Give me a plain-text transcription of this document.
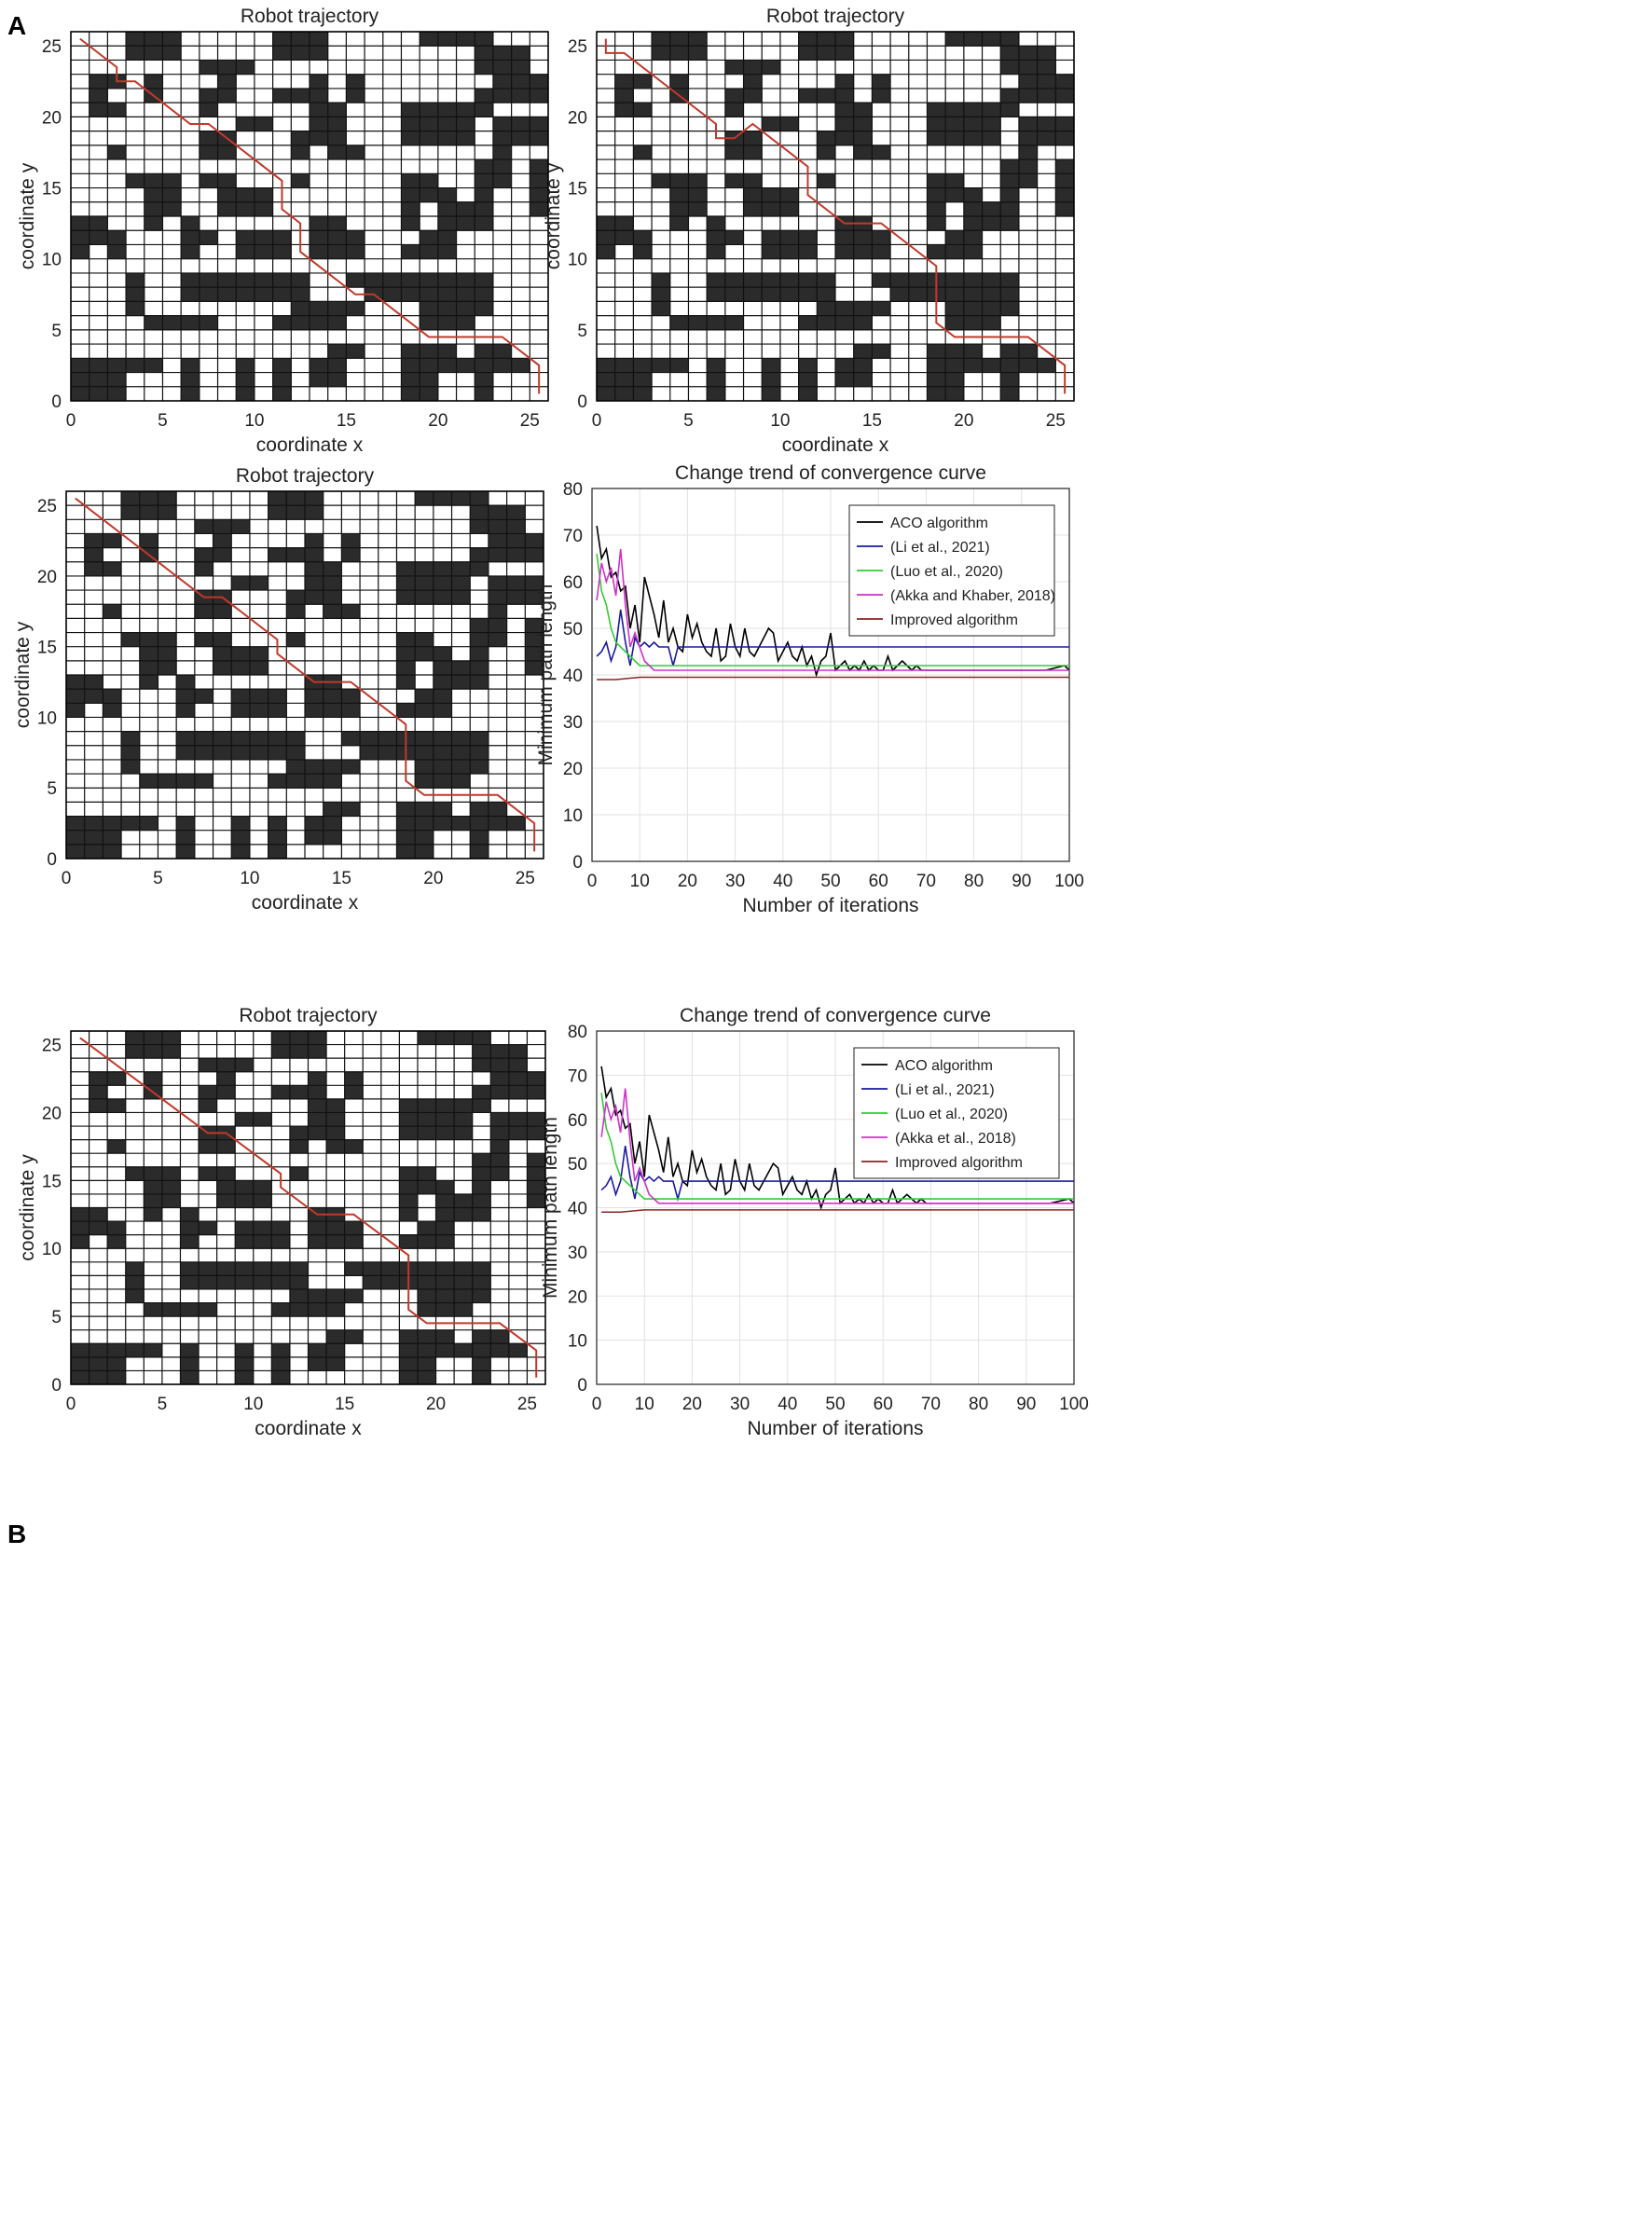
A
B
0	5	10	15	20	25
0
5
10
15
20
25
Robot trajectory
coordinate x
coordinate y
0	5	10	15	20	25
0
5
10
15
20
25
Robot trajectory
coordinate x
coordinate y
0	5	10	15	20	25
0
5
10
15
20
25
Robot trajectory
coordinate x
coordinate y
0 10 20 30 40 50 60 70 80 90 100
0
10
20
30
40
50
60
70
80
Change trend of convergence curve
Number of iterations
Minimum path length
ACO algorithm
(Li et al., 2021)
(Luo et al., 2020)
(Akka and Khaber, 2018)
Improved algorithm
0	5	10	15	20	25
0
5
10
15
20
25
Robot trajectory
coordinate x
coordinate y
0 10 20 30 40 50 60 70 80 90 100
0
10
20
30
40
50
60
70
80
Change trend of convergence curve
Number of iterations
Minimum path length
ACO algorithm
(Li et al., 2021)
(Luo et al., 2020)
(Akka et al., 2018)
Improved algorithm
